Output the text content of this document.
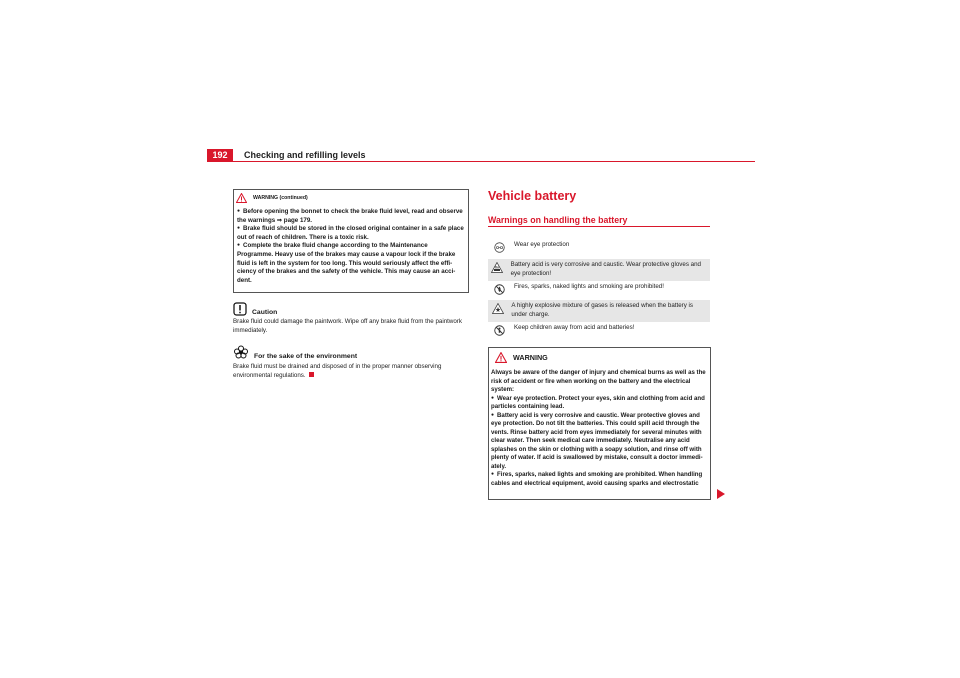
192	Checking and refilling levels
WARNING (continued)
● Before opening the bonnet to check the brake fluid level, read and observe the warnings ⇒ page 179.
● Brake fluid should be stored in the closed original container in a safe place out of reach of children. There is a toxic risk.
● Complete the brake fluid change according to the Maintenance Programme. Heavy use of the brakes may cause a vapour lock if the brake fluid is left in the system for too long. This would seriously affect the effi-ciency of the brakes and the safety of the vehicle. This may cause an acci-dent.
Caution
Brake fluid could damage the paintwork. Wipe off any brake fluid from the paintwork immediately.
For the sake of the environment
Brake fluid must be drained and disposed of in the proper manner observing environmental regulations.
Vehicle battery
Warnings on handling the battery
Wear eye protection
Battery acid is very corrosive and caustic. Wear protective gloves and eye protection!
Fires, sparks, naked lights and smoking are prohibited!
A highly explosive mixture of gases is released when the battery is under charge.
Keep children away from acid and batteries!
WARNING
Always be aware of the danger of injury and chemical burns as well as the risk of accident or fire when working on the battery and the electrical system:
● Wear eye protection. Protect your eyes, skin and clothing from acid and particles containing lead.
● Battery acid is very corrosive and caustic. Wear protective gloves and eye protection. Do not tilt the batteries. This could spill acid through the vents. Rinse battery acid from eyes immediately for several minutes with clear water. Then seek medical care immediately. Neutralise any acid splashes on the skin or clothing with a soapy solution, and rinse off with plenty of water. If acid is swallowed by mistake, consult a doctor immedi-ately.
● Fires, sparks, naked lights and smoking are prohibited. When handling cables and electrical equipment, avoid causing sparks and electrostatic
